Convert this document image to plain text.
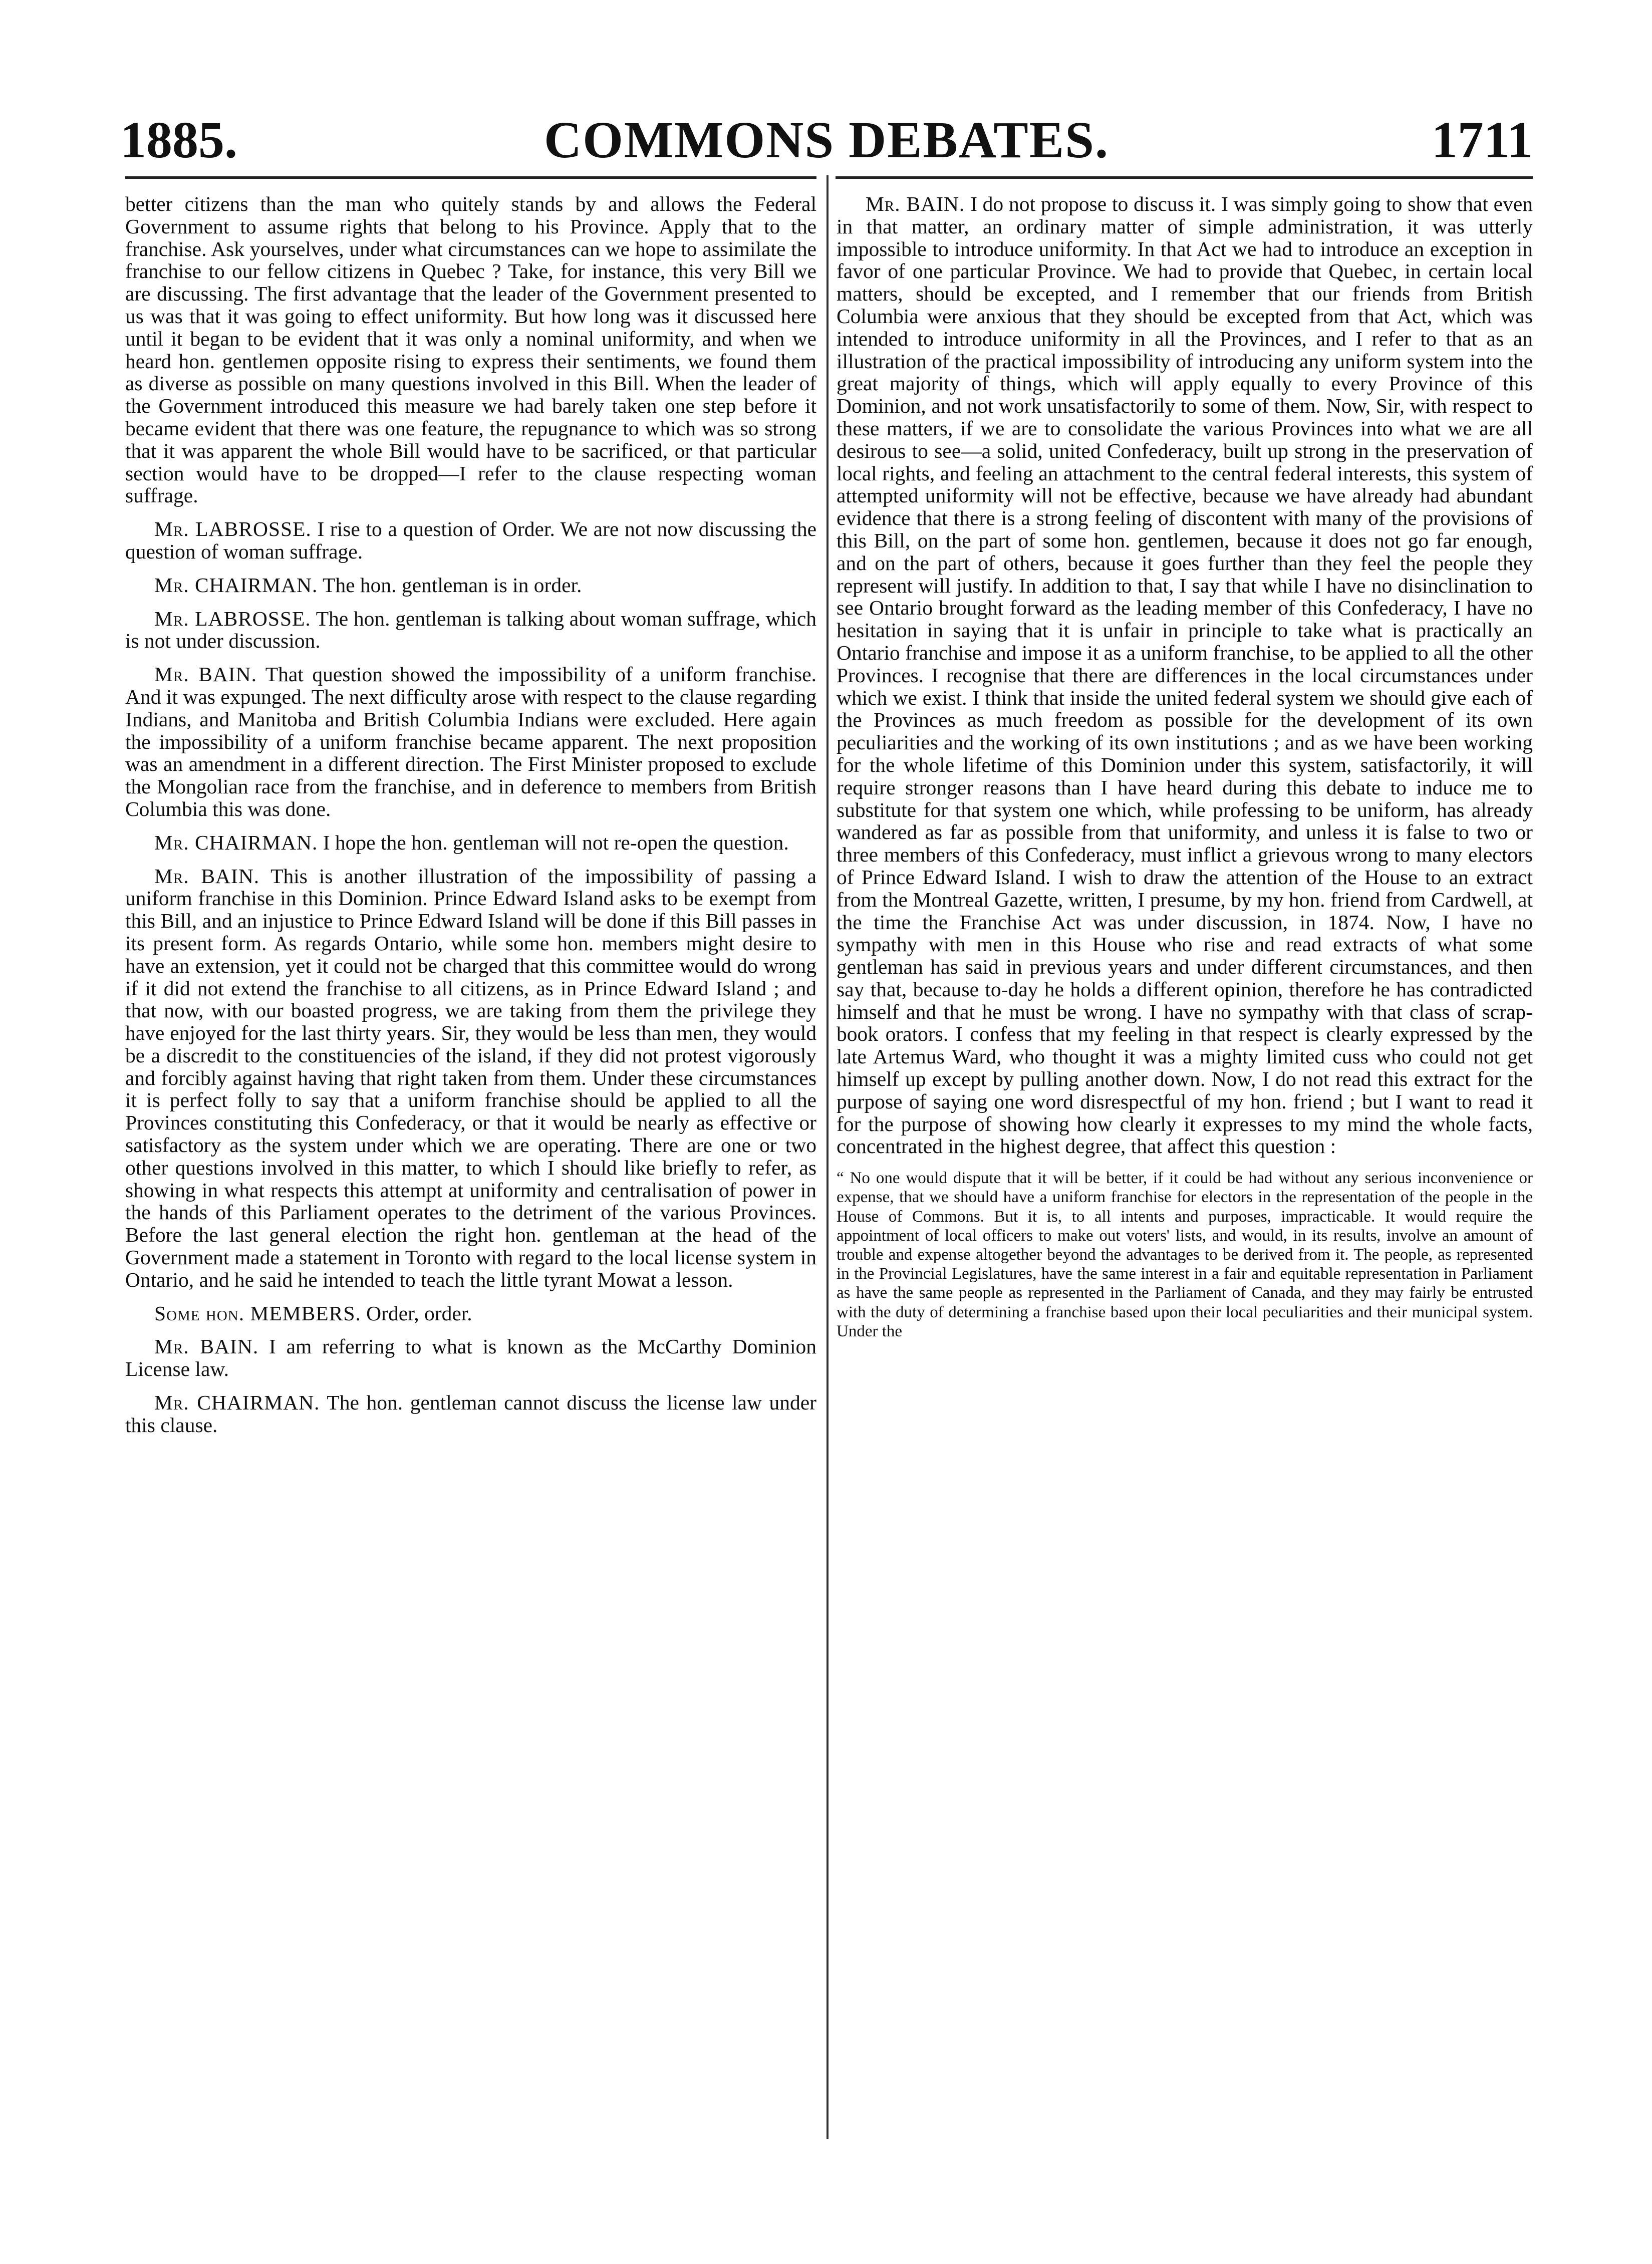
1885.	COMMONS DEBATES.	1711

better citizens than the man who quitely stands by and allows the Federal Government to assume rights that belong to his Province. Apply that to the franchise. Ask yourselves, under what circumstances can we hope to assimilate the franchise to our fellow citizens in Quebec ? Take, for instance, this very Bill we are discussing. The first advantage that the leader of the Government presented to us was that it was going to effect uniformity. But how long was it discussed here until it began to be evident that it was only a nominal uniformity, and when we heard hon. gentlemen opposite rising to express their sentiments, we found them as diverse as possible on many questions involved in this Bill. When the leader of the Government introduced this measure we had barely taken one step before it became evident that there was one feature, the repugnance to which was so strong that it was apparent the whole Bill would have to be sacrificed, or that particular section would have to be dropped—I refer to the clause respecting woman suffrage.

Mr. LABROSSE. I rise to a question of Order. We are not now discussing the question of woman suffrage.

Mr. CHAIRMAN. The hon. gentleman is in order.

Mr. LABROSSE. The hon. gentleman is talking about woman suffrage, which is not under discussion.

Mr. BAIN. That question showed the impossibility of a uniform franchise. And it was expunged. The next difficulty arose with respect to the clause regarding Indians, and Manitoba and British Columbia Indians were excluded. Here again the impossibility of a uniform franchise became apparent. The next proposition was an amendment in a different direction. The First Minister proposed to exclude the Mongolian race from the franchise, and in deference to members from British Columbia this was done.

Mr. CHAIRMAN. I hope the hon. gentleman will not re-open the question.

Mr. BAIN. This is another illustration of the impossibility of passing a uniform franchise in this Dominion. Prince Edward Island asks to be exempt from this Bill, and an injustice to Prince Edward Island will be done if this Bill passes in its present form. As regards Ontario, while some hon. members might desire to have an extension, yet it could not be charged that this committee would do wrong if it did not extend the franchise to all citizens, as in Prince Edward Island ; and that now, with our boasted progress, we are taking from them the privilege they have enjoyed for the last thirty years. Sir, they would be less than men, they would be a discredit to the constituencies of the island, if they did not protest vigorously and forcibly against having that right taken from them. Under these circumstances it is perfect folly to say that a uniform franchise should be applied to all the Provinces constituting this Confederacy, or that it would be nearly as effective or satisfactory as the system under which we are operating. There are one or two other questions involved in this matter, to which I should like briefly to refer, as showing in what respects this attempt at uniformity and centralisation of power in the hands of this Parliament operates to the detriment of the various Provinces. Before the last general election the right hon. gentleman at the head of the Government made a statement in Toronto with regard to the local license system in Ontario, and he said he intended to teach the little tyrant Mowat a lesson.

Some hon. MEMBERS. Order, order.

Mr. BAIN. I am referring to what is known as the McCarthy Dominion License law.

Mr. CHAIRMAN. The hon. gentleman cannot discuss the license law under this clause.

Mr. BAIN. I do not propose to discuss it. I was simply going to show that even in that matter, an ordinary matter of simple administration, it was utterly impossible to introduce uniformity. In that Act we had to introduce an exception in favor of one particular Province. We had to provide that Quebec, in certain local matters, should be excepted, and I remember that our friends from British Columbia were anxious that they should be excepted from that Act, which was intended to introduce uniformity in all the Provinces, and I refer to that as an illustration of the practical impossibility of introducing any uniform system into the great majority of things, which will apply equally to every Province of this Dominion, and not work unsatisfactorily to some of them. Now, Sir, with respect to these matters, if we are to consolidate the various Provinces into what we are all desirous to see—a solid, united Confederacy, built up strong in the preservation of local rights, and feeling an attachment to the central federal interests, this system of attempted uniformity will not be effective, because we have already had abundant evidence that there is a strong feeling of discontent with many of the provisions of this Bill, on the part of some hon. gentlemen, because it does not go far enough, and on the part of others, because it goes further than they feel the people they represent will justify. In addition to that, I say that while I have no disinclination to see Ontario brought forward as the leading member of this Confederacy, I have no hesitation in saying that it is unfair in principle to take what is practically an Ontario franchise and impose it as a uniform franchise, to be applied to all the other Provinces. I recognise that there are differences in the local circumstances under which we exist. I think that inside the united federal system we should give each of the Provinces as much freedom as possible for the development of its own peculiarities and the working of its own institutions ; and as we have been working for the whole lifetime of this Dominion under this system, satisfactorily, it will require stronger reasons than I have heard during this debate to induce me to substitute for that system one which, while professing to be uniform, has already wandered as far as possible from that uniformity, and unless it is false to two or three members of this Confederacy, must inflict a grievous wrong to many electors of Prince Edward Island. I wish to draw the attention of the House to an extract from the Montreal Gazette, written, I presume, by my hon. friend from Cardwell, at the time the Franchise Act was under discussion, in 1874. Now, I have no sympathy with men in this House who rise and read extracts of what some gentleman has said in previous years and under different circumstances, and then say that, because to-day he holds a different opinion, therefore he has contradicted himself and that he must be wrong. I have no sympathy with that class of scrap-book orators. I confess that my feeling in that respect is clearly expressed by the late Artemus Ward, who thought it was a mighty limited cuss who could not get himself up except by pulling another down. Now, I do not read this extract for the purpose of saying one word disrespectful of my hon. friend ; but I want to read it for the purpose of showing how clearly it expresses to my mind the whole facts, concentrated in the highest degree, that affect this question :

“ No one would dispute that it will be better, if it could be had without any serious inconvenience or expense, that we should have a uniform franchise for electors in the representation of the people in the House of Commons. But it is, to all intents and purposes, impracticable. It would require the appointment of local officers to make out voters' lists, and would, in its results, involve an amount of trouble and expense altogether beyond the advantages to be derived from it. The people, as represented in the Provincial Legislatures, have the same interest in a fair and equitable representation in Parliament as have the same people as represented in the Parliament of Canada, and they may fairly be entrusted with the duty of determining a franchise based upon their local peculiarities and their municipal system. Under the
